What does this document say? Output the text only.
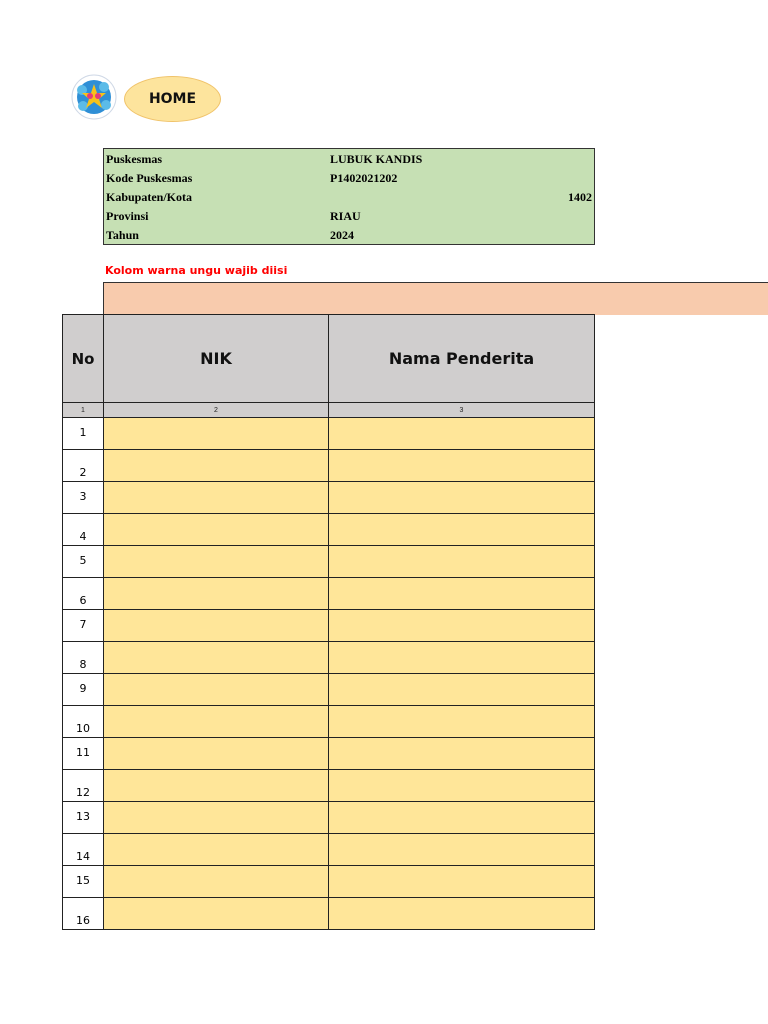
HOME
Puskesmas	LUBUK KANDIS
Kode Puskesmas	P1402021202
Kabupaten/Kota	1402
Provinsi	RIAU
Tahun	2024
Kolom warna ungu wajib diisi
No	NIK	Nama Penderita
1	2	3
1		
2		
3		
4		
5		
6		
7		
8		
9		
10		
11		
12		
13		
14		
15		
16		
